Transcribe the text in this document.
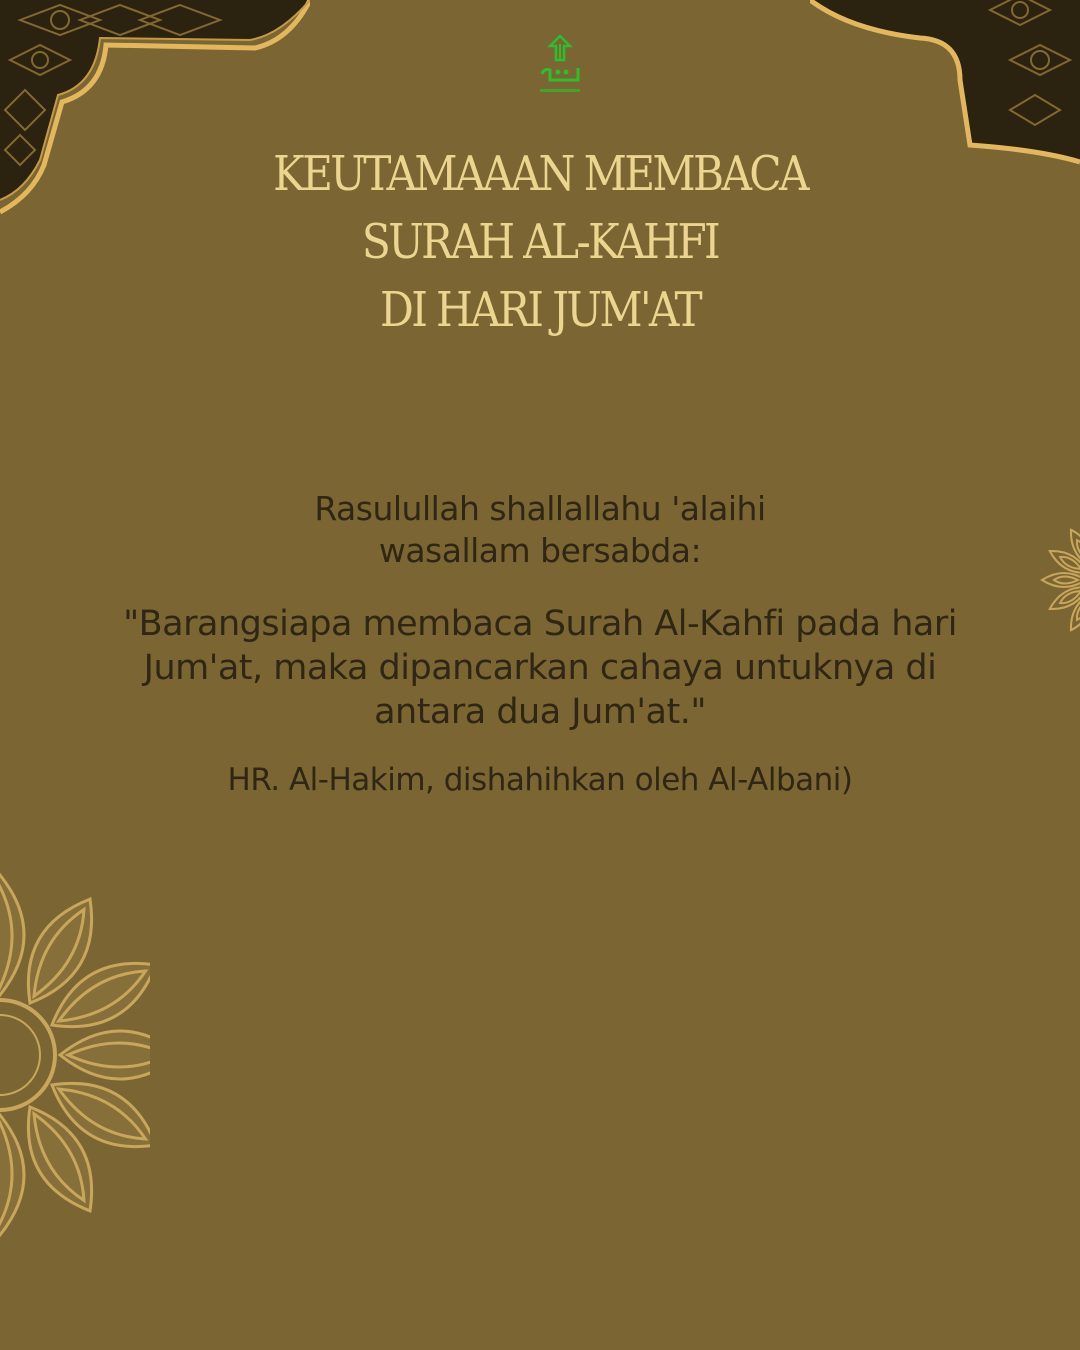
KEUTAMAAAN MEMBACA
SURAH AL-KAHFI
DI HARI JUM'AT
Rasulullah shallallahu 'alaihi
wasallam bersabda:
"Barangsiapa membaca Surah Al-Kahfi pada hari
Jum'at, maka dipancarkan cahaya untuknya di
antara dua Jum'at."
HR. Al-Hakim, dishahihkan oleh Al-Albani)
